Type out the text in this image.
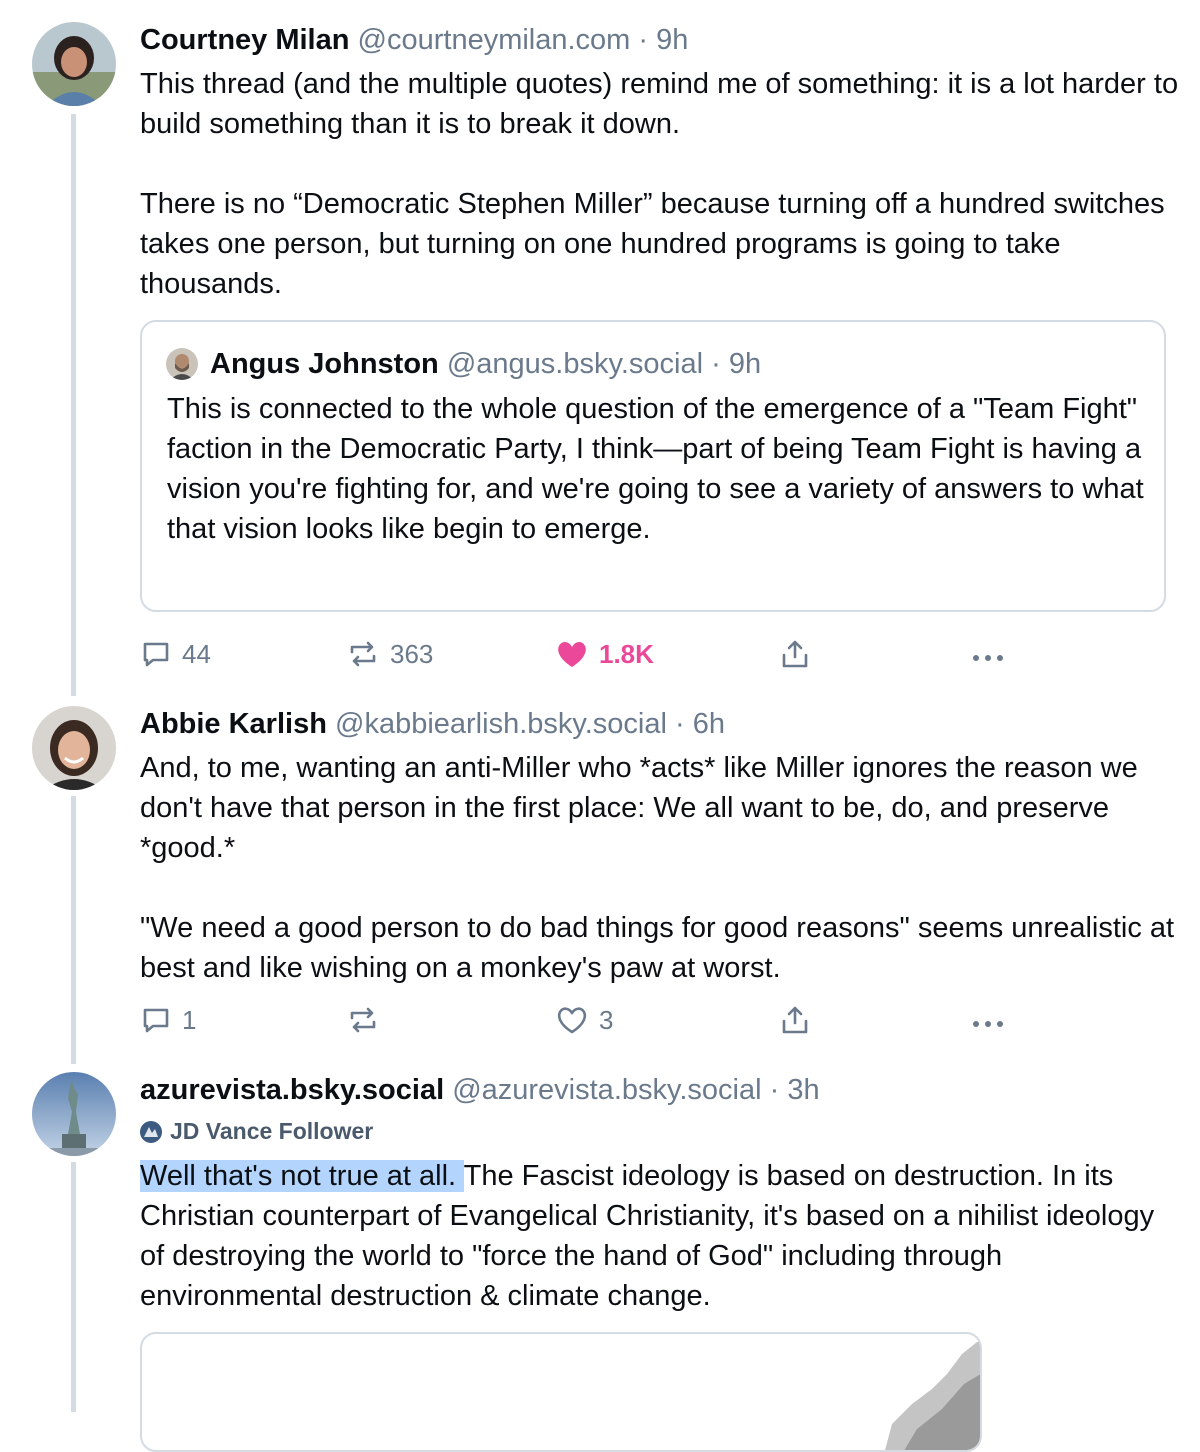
Courtney Milan @courtneymilan.com · 9h
This thread (and the multiple quotes) remind me of something: it is a lot harder to build something than it is to break it down.

There is no “Democratic Stephen Miller” because turning off a hundred switches takes one person, but turning on one hundred programs is going to take thousands.
Angus Johnston @angus.bsky.social · 9h
This is connected to the whole question of the emergence of a "Team Fight" faction in the Democratic Party, I think—part of being Team Fight is having a vision you're fighting for, and we're going to see a variety of answers to what that vision looks like begin to emerge.
44	363	1.8K
Abbie Karlish @kabbiearlish.bsky.social · 6h
And, to me, wanting an anti-Miller who *acts* like Miller ignores the reason we don't have that person in the first place: We all want to be, do, and preserve *good.*

"We need a good person to do bad things for good reasons" seems unrealistic at best and like wishing on a monkey's paw at worst.
1	3
azurevista.bsky.social @azurevista.bsky.social · 3h
JD Vance Follower
Well that's not true at all. The Fascist ideology is based on destruction. In its Christian counterpart of Evangelical Christianity, it's based on a nihilist ideology of destroying the world to "force the hand of God" including through environmental destruction & climate change.
